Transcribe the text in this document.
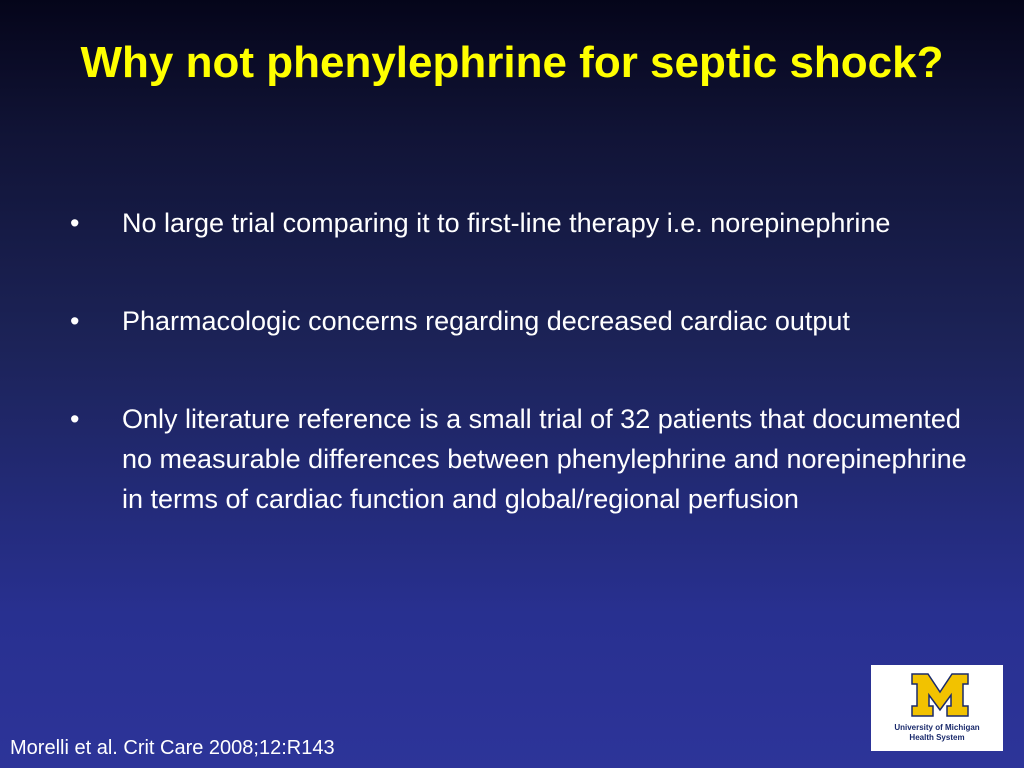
Why not phenylephrine for septic shock?
• No large trial comparing it to first-line therapy i.e. norepinephrine
• Pharmacologic concerns regarding decreased cardiac output
• Only literature reference is a small trial of 32 patients that documented no measurable differences between phenylephrine and norepinephrine in terms of cardiac function and global/regional perfusion
Morelli et al. Crit Care 2008;12:R143
University of Michigan
Health System
